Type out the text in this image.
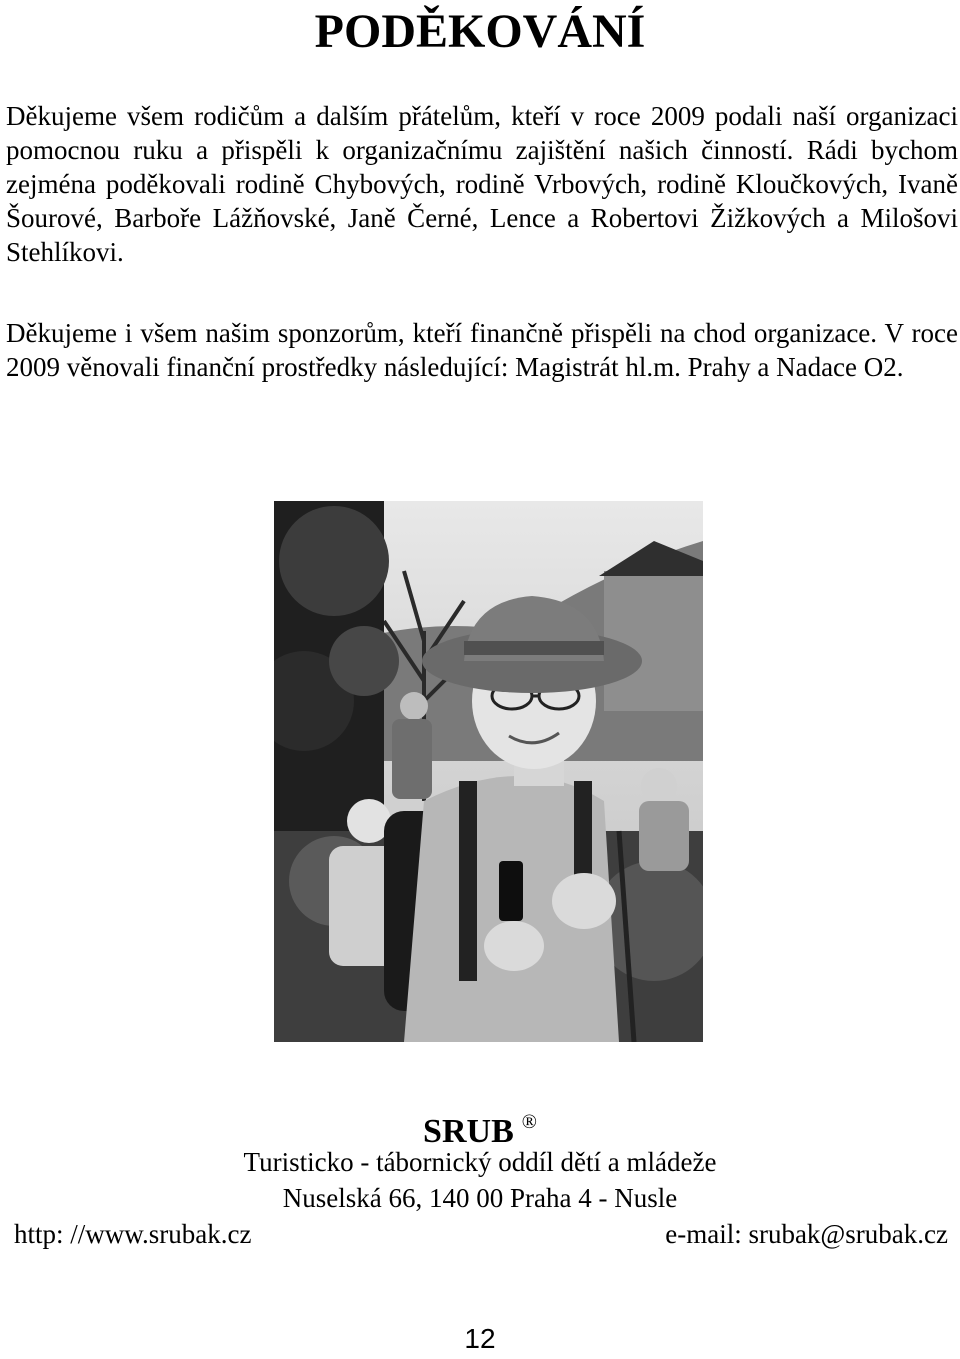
PODĚKOVÁNÍ

Děkujeme všem rodičům a dalším přátelům, kteří v roce 2009 podali naší organizaci pomocnou ruku a přispěli k organizačnímu zajištění našich činností. Rádi bychom zejména poděkovali rodině Chybových, rodině Vrbových, rodině Kloučkových, Ivaně Šourové, Barboře Lážňovské, Janě Černé, Lence a Robertovi Žižkových a Milošovi Stehlíkovi.

Děkujeme i všem našim sponzorům, kteří finančně přispěli na chod organizace. V roce 2009 věnovali finanční prostředky následující: Magistrát hl.m. Prahy a Nadace O2.

SRUB ®

Turisticko - tábornický oddíl dětí a mládeže

Nuselská 66, 140 00 Praha 4 - Nusle

http: //www.srubak.cz	e-mail: srubak@srubak.cz
12
